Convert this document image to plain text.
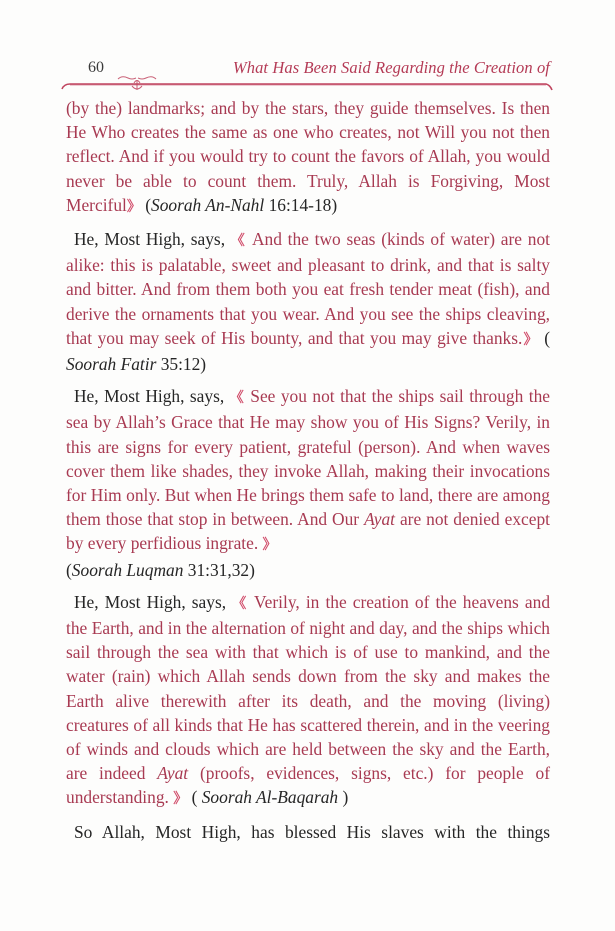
60	What Has Been Said Regarding the Creation of

(by the) landmarks; and by the stars, they guide themselves. Is then He Who creates the same as one who creates, not Will you not then reflect. And if you would try to count the favors of Allah, you would never be able to count them. Truly, Allah is Forgiving, Most Merciful》 (Soorah An-Nahl 16:14-18)

He, Most High, says, 《 And the two seas (kinds of water) are not alike: this is palatable, sweet and pleasant to drink, and that is salty and bitter. And from them both you eat fresh tender meat (fish), and derive the ornaments that you wear. And you see the ships cleaving, that you may seek of His bounty, and that you may give thanks.》 ( Soorah Fatir 35:12)

He, Most High, says, 《 See you not that the ships sail through the sea by Allah’s Grace that He may show you of His Signs? Verily, in this are signs for every patient, grateful (person). And when waves cover them like shades, they invoke Allah, making their invocations for Him only. But when He brings them safe to land, there are among them those that stop in between. And Our Ayat are not denied except by every perfidious ingrate. 》
(Soorah Luqman 31:31,32)

He, Most High, says, 《 Verily, in the creation of the heavens and the Earth, and in the alternation of night and day, and the ships which sail through the sea with that which is of use to mankind, and the water (rain) which Allah sends down from the sky and makes the Earth alive therewith after its death, and the moving (living) creatures of all kinds that He has scattered therein, and in the veering of winds and clouds which are held between the sky and the Earth, are indeed Ayat (proofs, evidences, signs, etc.) for people of understanding. 》 ( Soorah Al-Baqarah )

So Allah, Most High, has blessed His slaves with the things
